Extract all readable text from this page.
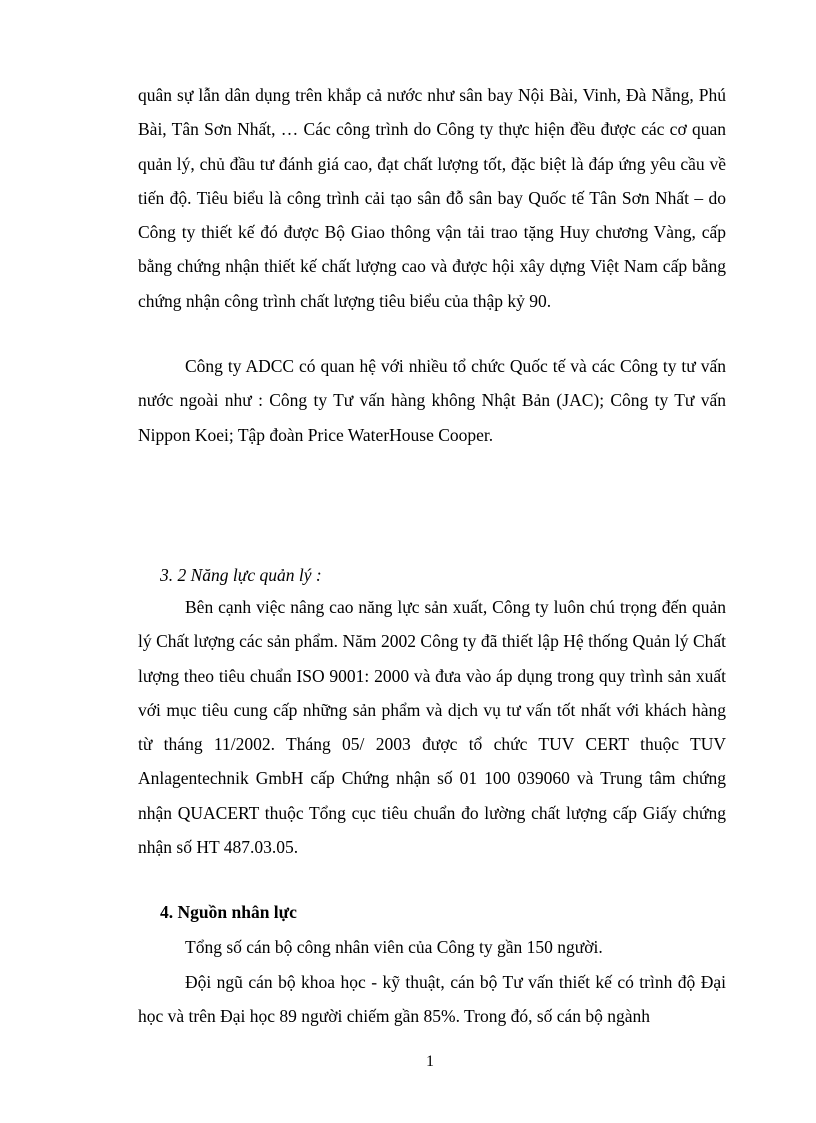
quân sự lẫn dân dụng trên khắp cả nước như sân bay Nội Bài, Vinh, Đà Nẵng, Phú Bài, Tân Sơn Nhất, … Các công trình do Công ty thực hiện đều được các cơ quan quản lý, chủ đầu tư đánh giá cao, đạt chất lượng tốt, đặc biệt là đáp ứng yêu cầu về tiến độ. Tiêu biểu là công trình cải tạo sân đỗ sân bay Quốc tế Tân Sơn Nhất – do Công ty thiết kế đó được Bộ Giao thông vận tải trao tặng Huy chương Vàng, cấp bằng chứng nhận thiết kế chất lượng cao và được hội xây dựng Việt Nam cấp bằng chứng nhận công trình chất lượng tiêu biểu của thập kỷ 90.

Công ty ADCC có quan hệ với nhiều tổ chức Quốc tế và các Công ty tư vấn nước ngoài như : Công ty Tư vấn hàng không Nhật Bản (JAC); Công ty Tư vấn Nippon Koei; Tập đoàn Price WaterHouse Cooper.

3. 2 Năng lực quản lý :

Bên cạnh việc nâng cao năng lực sản xuất, Công ty luôn chú trọng đến quản lý Chất lượng các sản phẩm. Năm 2002 Công ty đã thiết lập Hệ thống Quản lý Chất lượng theo tiêu chuẩn ISO 9001: 2000 và đưa vào áp dụng trong quy trình sản xuất với mục tiêu cung cấp những sản phẩm và dịch vụ tư vấn tốt nhất với khách hàng từ tháng 11/2002. Tháng 05/ 2003 được tổ chức TUV CERT thuộc TUV Anlagentechnik GmbH cấp Chứng nhận số 01 100 039060 và Trung tâm chứng nhận QUACERT thuộc Tổng cục tiêu chuẩn đo lường chất lượng cấp Giấy chứng nhận số HT 487.03.05.

4. Nguồn nhân lực

Tổng số cán bộ công nhân viên của Công ty gần 150 người.

Đội ngũ cán bộ khoa học - kỹ thuật, cán bộ Tư vấn thiết kế có trình độ Đại học và trên Đại học 89 người chiếm gần 85%. Trong đó, số cán bộ ngành

1
